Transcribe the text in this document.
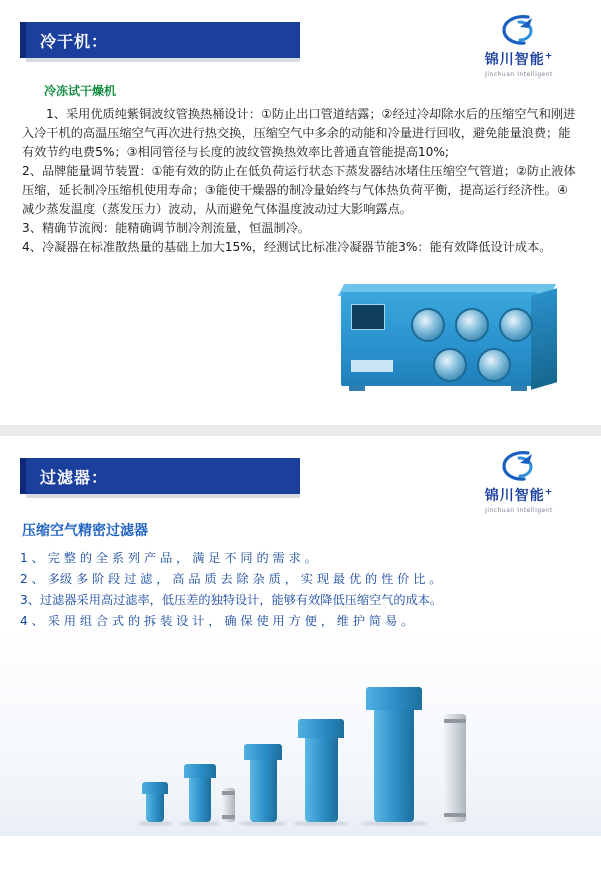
冷干机：
锦川智能+
Jinchuan Intelligent
冷冻试干燥机

1、采用优质纯紫铜波纹管换热桶设计：①防止出口管道结露；②经过冷却除水后的压缩空气和刚进入冷干机的高温压缩空气再次进行热交换，压缩空气中多余的动能和冷量进行回收，避免能量浪费；能有效节约电费5%；③相同管径与长度的波纹管换热效率比普通直管能提高10%;

2、品牌能量调节装置：①能有效的防止在低负荷运行状态下蒸发器结冰堵住压缩空气管道；②防止液体压缩，延长制冷压缩机使用寿命；③能使干燥器的制冷量始终与气体热负荷平衡，提高运行经济性。④减少蒸发温度（蒸发压力）波动，从而避免气体温度波动过大影响露点。

3、精确节流阀：能精确调节制冷剂流量，恒温制冷。

4、冷凝器在标准散热量的基础上加大15%，经测试比标准冷凝器节能3%：能有效降低设计成本。

过滤器：
锦川智能+
Jinchuan Intelligent
压缩空气精密过滤器

1 、 完 整 的 全 系 列 产 品 ， 满 足 不 同 的 需 求 。

2 、 多级 多 阶 段 过 滤 ， 高 品 质 去 除 杂 质 ， 实 现 最 优 的 性 价 比 。

3、过滤器采用高过滤率，低压差的独特设计，能够有效降低压缩空气的成本。

4 、 采 用 组 合 式 的 拆 装 设 计 ， 确 保 使 用 方 便 ， 维 护 简 易 。
